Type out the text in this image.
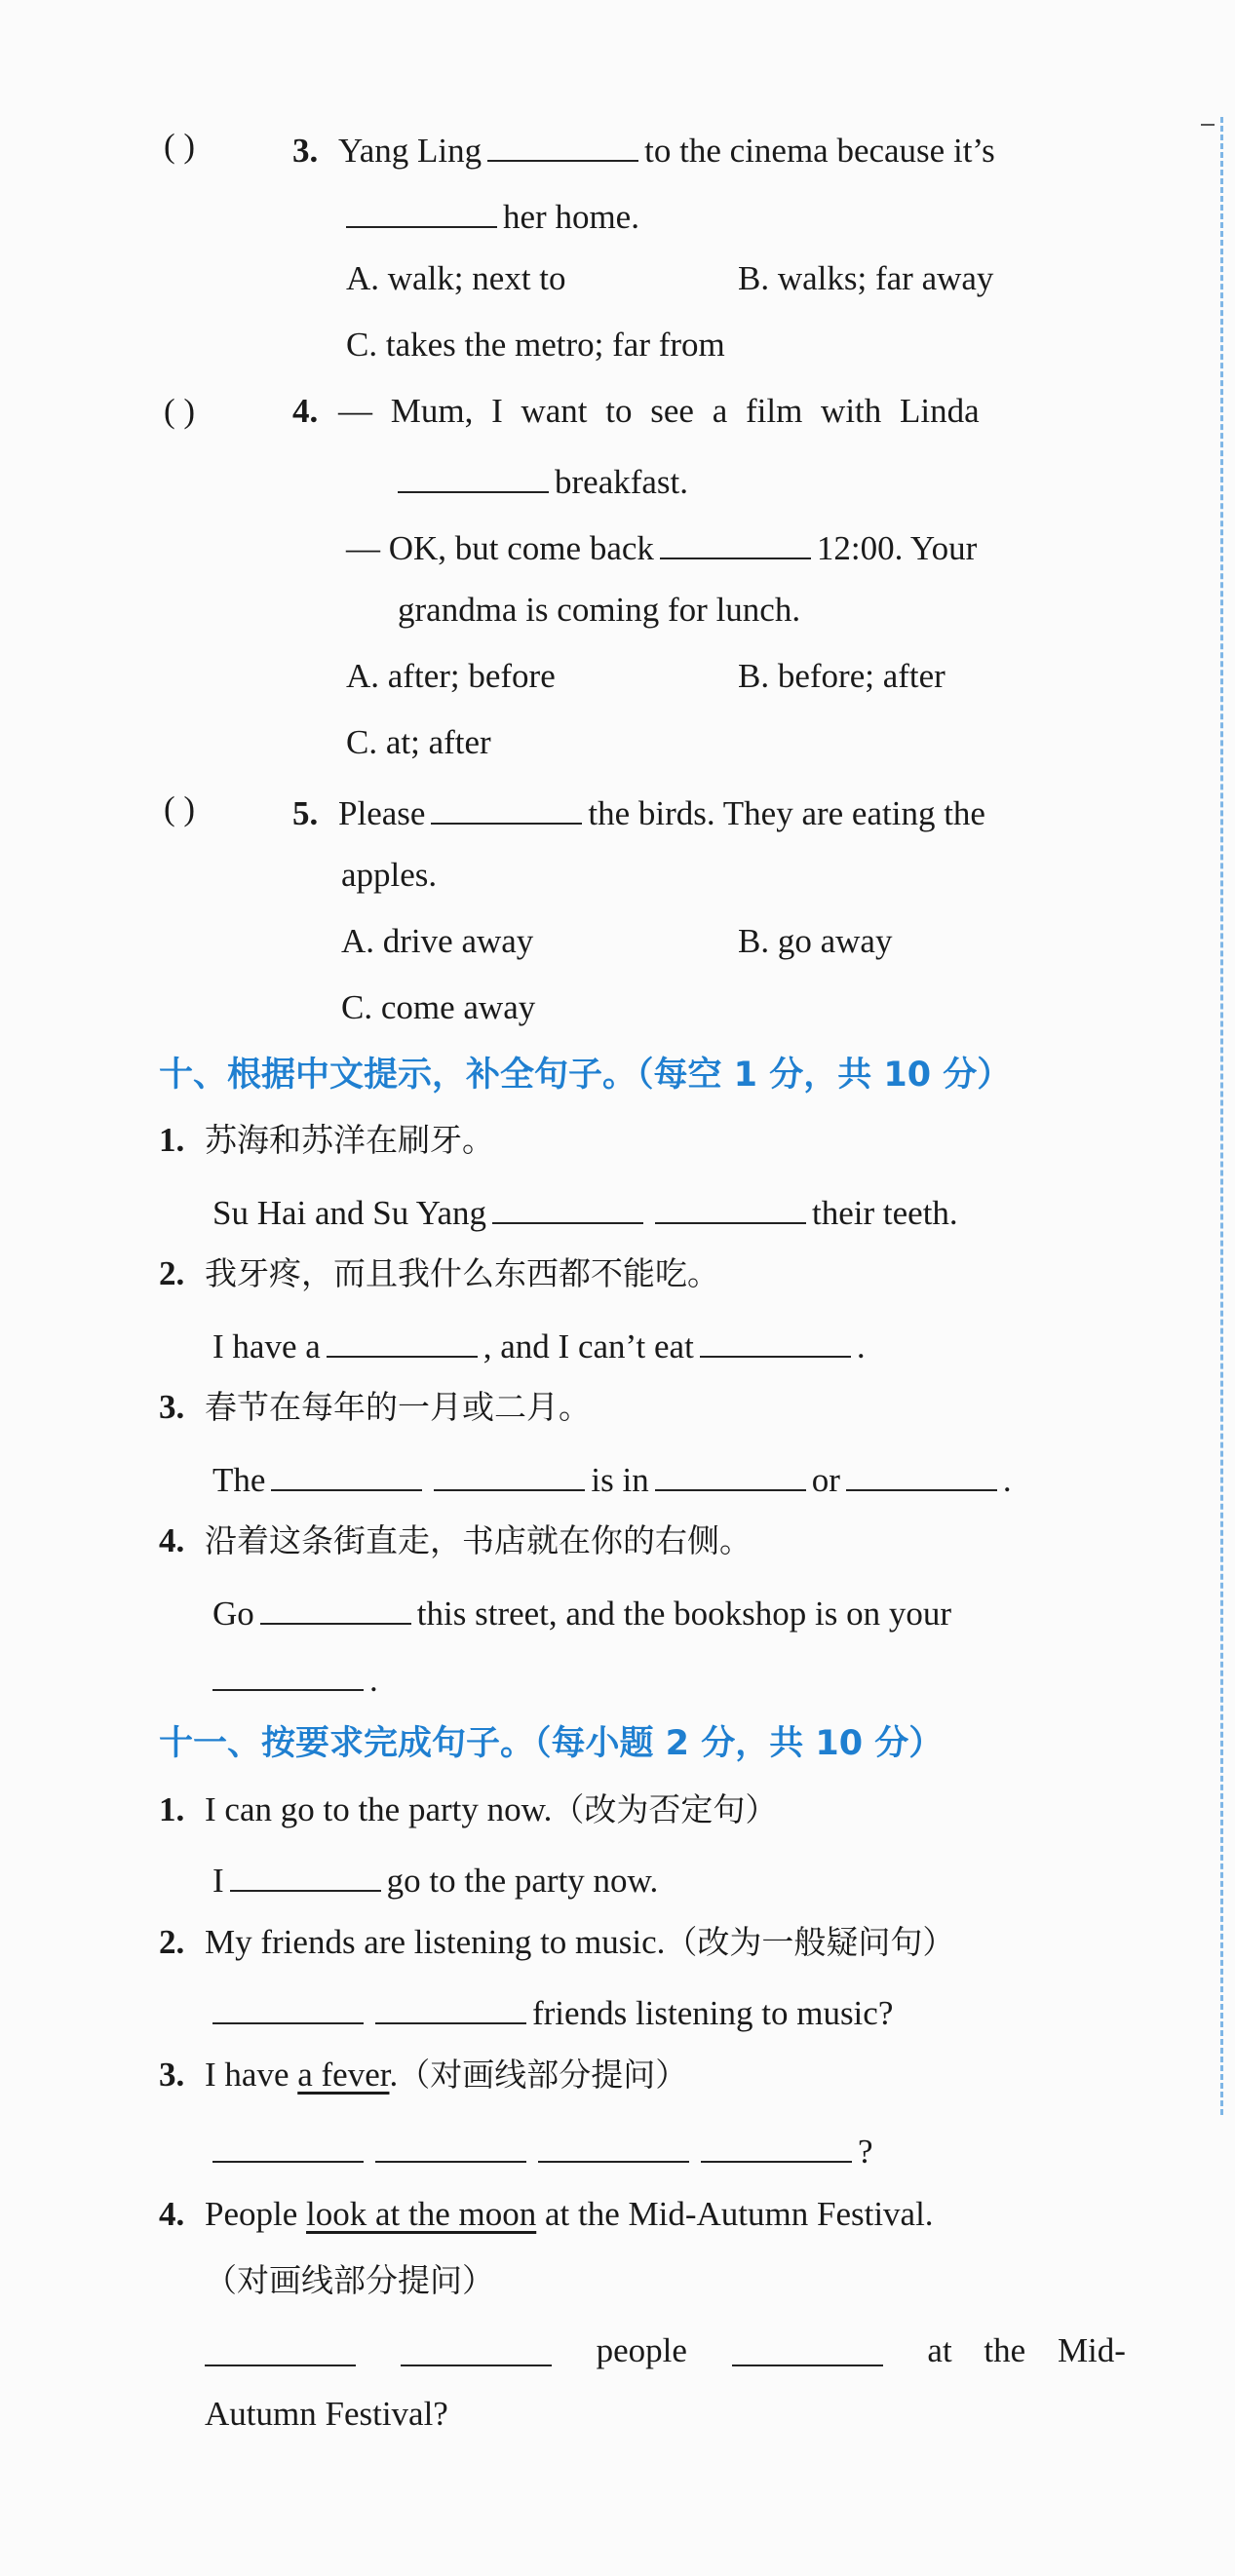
( )	3. Yang Ling	to the cinema because it’s
her home.
A. walk; next to	B. walks; far away
C. takes the metro; far from
( )	4. — Mum, I want to see a film with Linda
breakfast.
— OK, but come back	12:00. Your
grandma is coming for lunch.
A. after; before	B. before; after
C. at; after
( )	5. Please	the birds. They are eating the
apples.
A. drive away	B. go away
C. come away
十、根据中文提示，补全句子。（每空 1 分，共 10 分）
1. 苏海和苏洋在刷牙。
Su Hai and Su Yang	their teeth.
2. 我牙疼，而且我什么东西都不能吃。
I have a	, and I can’t eat	.
3. 春节在每年的一月或二月。
The	is in	or	.
4. 沿着这条街直走，书店就在你的右侧。
Go	this street, and the bookshop is on your
.
十一、按要求完成句子。（每小题 2 分，共 10 分）
1. I can go to the party now.（改为否定句）
I	go to the party now.
2. My friends are listening to music.（改为一般疑问句）
friends listening to music?
3. I have a fever.（对画线部分提问）
?
4. People look at the moon at the Mid-Autumn Festival.
（对画线部分提问）
people	at the Mid-
Autumn Festival?
